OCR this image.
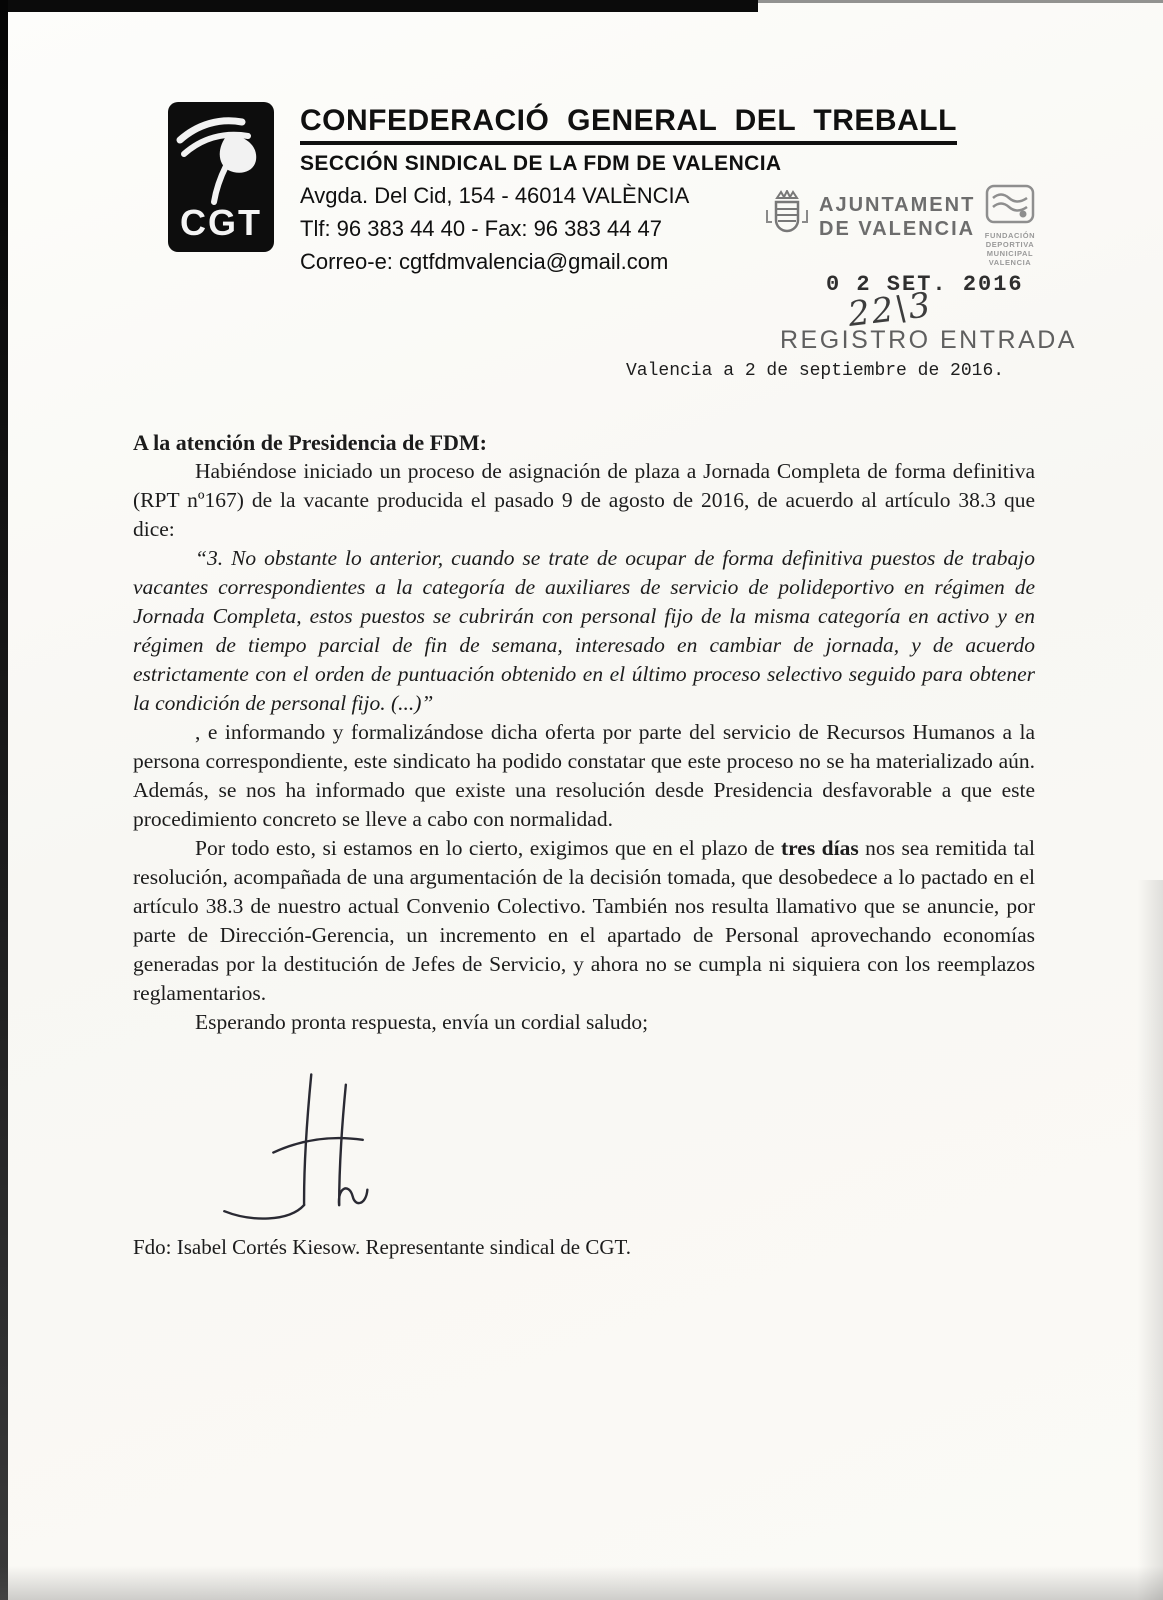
CGT
CONFEDERACIÓ GENERAL DEL TREBALL
SECCIÓN SINDICAL DE LA FDM DE VALENCIA
Avgda. Del Cid, 154 - 46014 VALÈNCIA
Tlf: 96 383 44 40 - Fax: 96 383 44 47
Correo-e: cgtfdmvalencia@gmail.com
AJUNTAMENT
DE VALENCIA	FUNDACIÓN
DEPORTIVA
MUNICIPAL
VALENCIA
0 2 SET. 2016
22\3
REGISTRO ENTRADA
Valencia a 2 de septiembre de 2016.

A la atención de Presidencia de FDM:

Habiéndose iniciado un proceso de asignación de plaza a Jornada Completa de forma definitiva (RPT nº167) de la vacante producida el pasado 9 de agosto de 2016, de acuerdo al artículo 38.3 que dice:

“3. No obstante lo anterior, cuando se trate de ocupar de forma definitiva puestos de trabajo vacantes correspondientes a la categoría de auxiliares de servicio de polideportivo en régimen de Jornada Completa, estos puestos se cubrirán con personal fijo de la misma categoría en activo y en régimen de tiempo parcial de fin de semana, interesado en cambiar de jornada, y de acuerdo estrictamente con el orden de puntuación obtenido en el último proceso selectivo seguido para obtener la condición de personal fijo. (...)”

, e informando y formalizándose dicha oferta por parte del servicio de Recursos Humanos a la persona correspondiente, este sindicato ha podido constatar que este proceso no se ha materializado aún. Además, se nos ha informado que existe una resolución desde Presidencia desfavorable a que este procedimiento concreto se lleve a cabo con normalidad.

Por todo esto, si estamos en lo cierto, exigimos que en el plazo de tres días nos sea remitida tal resolución, acompañada de una argumentación de la decisión tomada, que desobedece a lo pactado en el artículo 38.3 de nuestro actual Convenio Colectivo. También nos resulta llamativo que se anuncie, por parte de Dirección-Gerencia, un incremento en el apartado de Personal aprovechando economías generadas por la destitución de Jefes de Servicio, y ahora no se cumpla ni siquiera con los reemplazos reglamentarios.

Esperando pronta respuesta, envía un cordial saludo;

Fdo: Isabel Cortés Kiesow. Representante sindical de CGT.
